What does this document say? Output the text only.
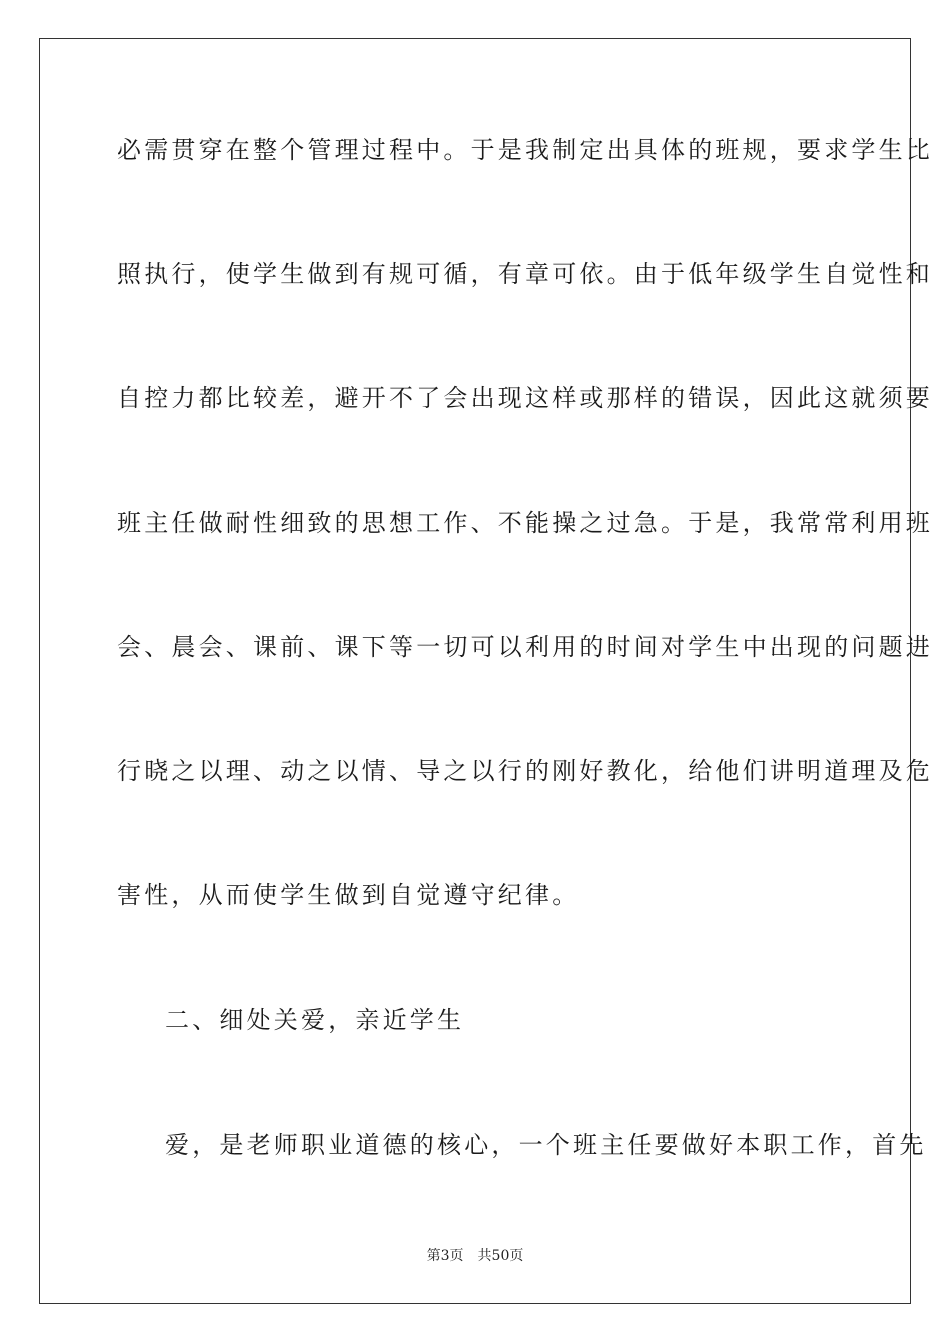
必需贯穿在整个管理过程中。于是我制定出具体的班规，要求学生比
照执行，使学生做到有规可循，有章可依。由于低年级学生自觉性和
自控力都比较差，避开不了会出现这样或那样的错误，因此这就须要
班主任做耐性细致的思想工作、不能操之过急。于是，我常常利用班
会、晨会、课前、课下等一切可以利用的时间对学生中出现的问题进
行晓之以理、动之以情、导之以行的刚好教化，给他们讲明道理及危
害性，从而使学生做到自觉遵守纪律。
二、细处关爱，亲近学生
爱，是老师职业道德的核心，一个班主任要做好本职工作，首先
第3页 共50页
